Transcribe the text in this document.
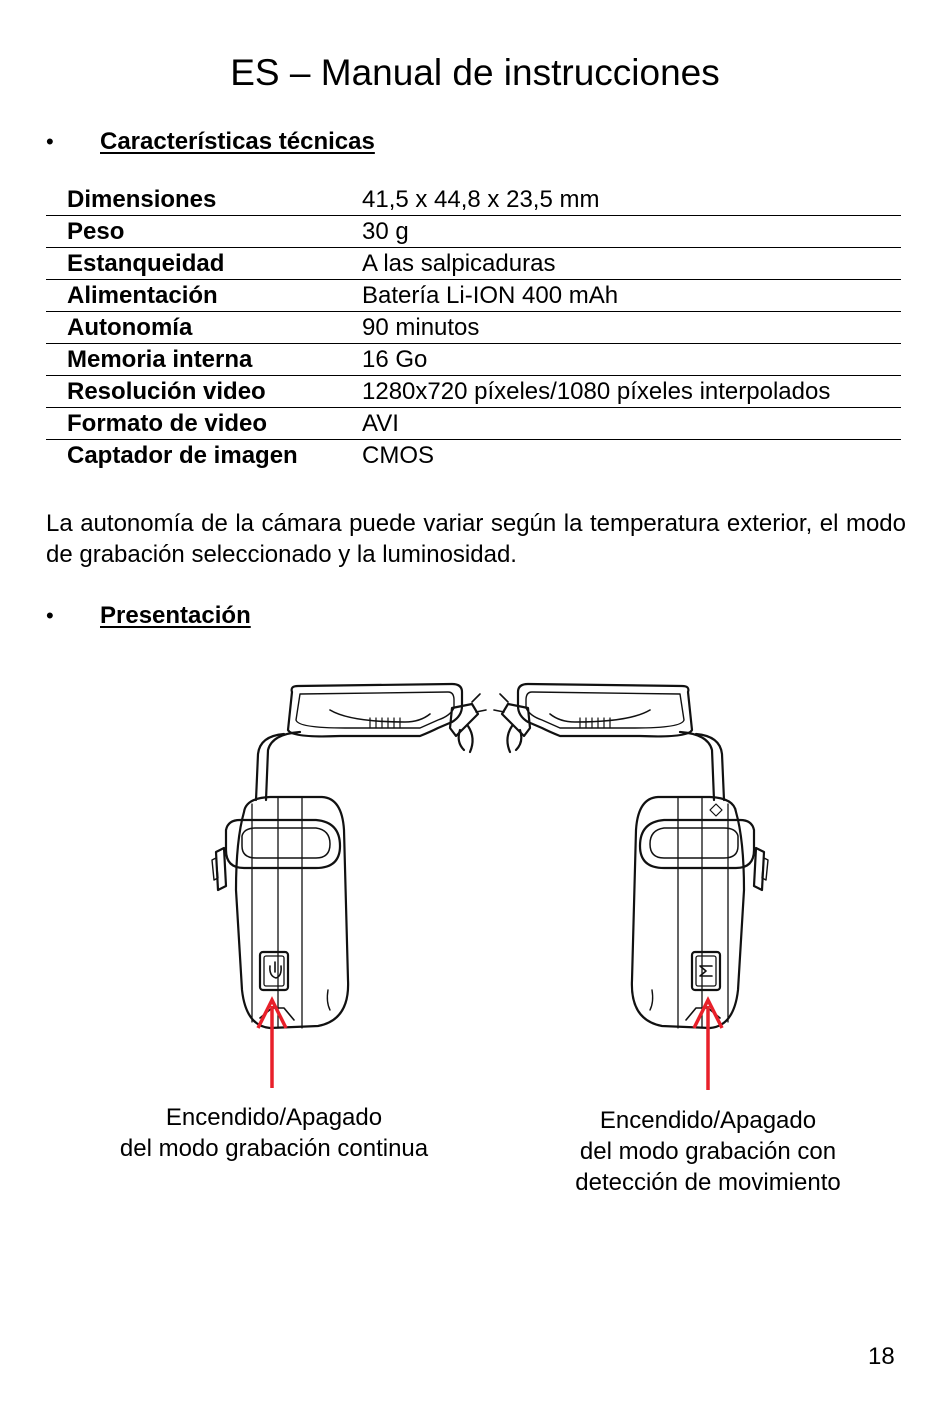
ES – Manual de instrucciones
• Características técnicas
Dimensiones	41,5 x 44,8 x 23,5 mm
Peso	30 g
Estanqueidad	A las salpicaduras
Alimentación	Batería Li-ION 400 mAh
Autonomía	90 minutos
Memoria interna	16 Go
Resolución video	1280x720 píxeles/1080 píxeles interpolados
Formato de video	AVI
Captador de imagen	CMOS
La autonomía de la cámara puede variar según la temperatura exterior, el modo de grabación seleccionado y la luminosidad.
• Presentación
Encendido/Apagado
del modo grabación continua
Encendido/Apagado
del modo grabación con
detección de movimiento
18
